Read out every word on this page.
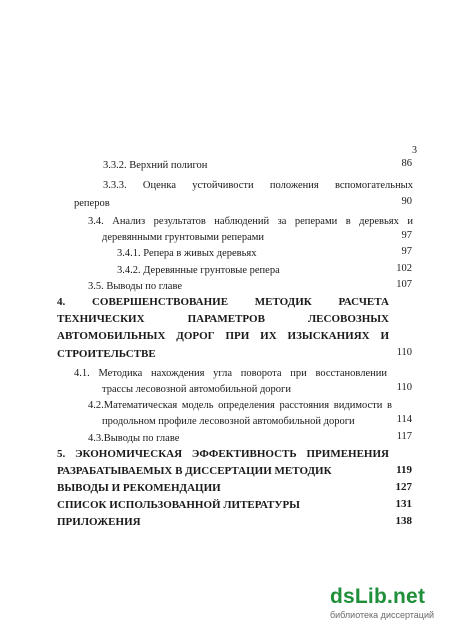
3
3.3.2. Верхний полигон	86
3.3.3. Оценка устойчивости положения вспомогательных
реперов	90
3.4. Анализ результатов наблюдений за реперами в деревьях и
деревянными грунтовыми реперами	97
3.4.1. Репера в живых деревьях	97
3.4.2. Деревянные грунтовые репера	102
3.5. Выводы по главе	107
4. СОВЕРШЕНСТВОВАНИЕ МЕТОДИК РАСЧЕТА
ТЕХНИЧЕСКИХ ПАРАМЕТРОВ ЛЕСОВОЗНЫХ
АВТОМОБИЛЬНЫХ ДОРОГ ПРИ ИХ ИЗЫСКАНИЯХ И
СТРОИТЕЛЬСТВЕ	110
4.1. Методика нахождения угла поворота при восстановлении
трассы лесовозной автомобильной дороги	110
4.2.Математическая модель определения расстояния видимости в
продольном профиле лесовозной автомобильной дороги	114
4.3.Выводы по главе	117
5. ЭКОНОМИЧЕСКАЯ ЭФФЕКТИВНОСТЬ ПРИМЕНЕНИЯ
РАЗРАБАТЫВАЕМЫХ В ДИССЕРТАЦИИ МЕТОДИК	119
ВЫВОДЫ И РЕКОМЕНДАЦИИ	127
СПИСОК ИСПОЛЬЗОВАННОЙ ЛИТЕРАТУРЫ	131
ПРИЛОЖЕНИЯ	138
dsLib.net
библиотека диссертаций
